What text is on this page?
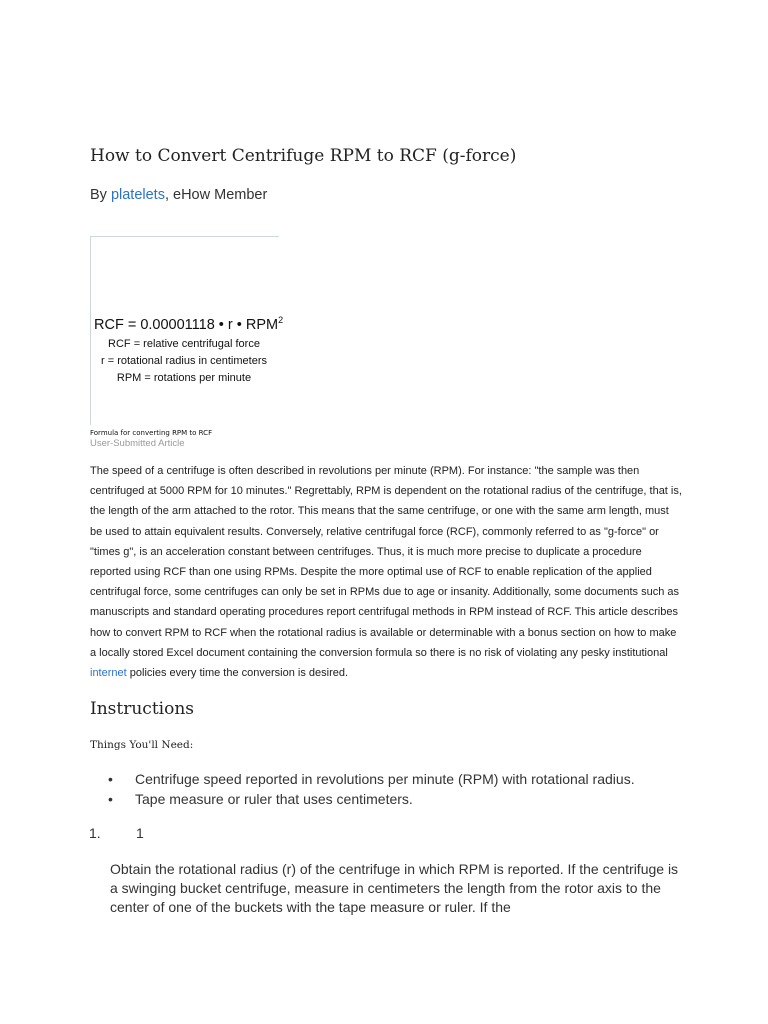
How to Convert Centrifuge RPM to RCF (g-force)
By platelets, eHow Member
RCF = 0.00001118 • r • RPM$^2$
RCF = relative centrifugal force
r = rotational radius in centimeters
RPM = rotations per minute
Formula for converting RPM to RCF
User-Submitted Article

The speed of a centrifuge is often described in revolutions per minute (RPM). For instance: "the sample was then centrifuged at 5000 RPM for 10 minutes." Regrettably, RPM is dependent on the rotational radius of the centrifuge, that is, the length of the arm attached to the rotor. This means that the same centrifuge, or one with the same arm length, must be used to attain equivalent results. Conversely, relative centrifugal force (RCF), commonly referred to as "g-force" or "times g", is an acceleration constant between centrifuges. Thus, it is much more precise to duplicate a procedure reported using RCF than one using RPMs. Despite the more optimal use of RCF to enable replication of the applied centrifugal force, some centrifuges can only be set in RPMs due to age or insanity. Additionally, some documents such as manuscripts and standard operating procedures report centrifugal methods in RPM instead of RCF. This article describes how to convert RPM to RCF when the rotational radius is available or determinable with a bonus section on how to make a locally stored Excel document containing the conversion formula so there is no risk of violating any pesky institutional internet policies every time the conversion is desired.

Instructions
Things You'll Need:
• Centrifuge speed reported in revolutions per minute (RPM) with rotational radius.
• Tape measure or ruler that uses centimeters.
1.	1

Obtain the rotational radius (r) of the centrifuge in which RPM is reported. If the centrifuge is a swinging bucket centrifuge, measure in centimeters the length from the rotor axis to the center of one of the buckets with the tape measure or ruler. If the
